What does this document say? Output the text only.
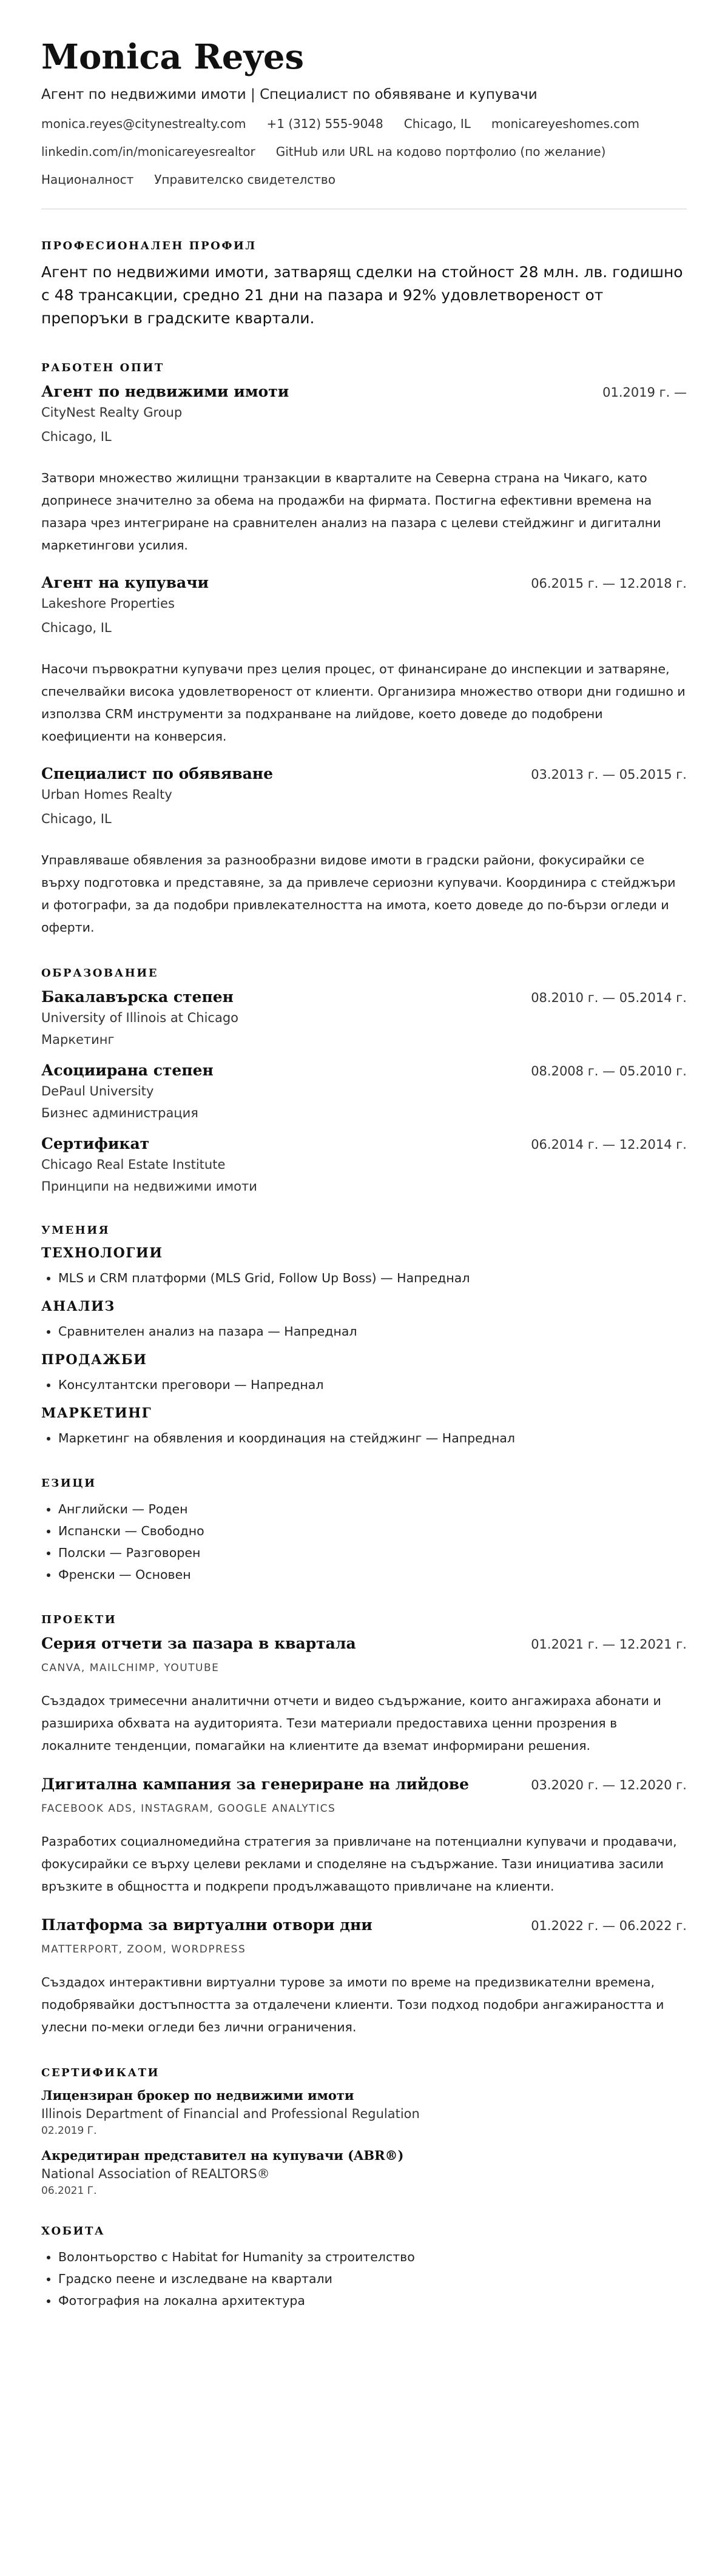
Monica Reyes
Агент по недвижими имоти | Специалист по обявяване и купувачи
monica.reyes@citynestrealty.com +1 (312) 555-9048 Chicago, IL monicareyeshomes.com
linkedin.com/in/monicareyesrealtor GitHub или URL на кодово портфолио (по желание)
Националност Управителско свидетелство
ПРОФЕСИОНАЛЕН ПРОФИЛ

Агент по недвижими имоти, затварящ сделки на стойност 28 млн. лв. годишно с 48 трансакции, средно 21 дни на пазара и 92% удовлетвореност от препоръки в градските квартали.

РАБОТЕН ОПИТ
Агент по недвижими имоти	01.2019 г. —
CityNest Realty Group
Chicago, IL
Затвори множество жилищни транзакции в кварталите на Северна страна на Чикаго, като допринесе значително за обема на продажби на фирмата. Постигна ефективни времена на пазара чрез интегриране на сравнителен анализ на пазара с целеви стейджинг и дигитални маркетингови усилия.
Агент на купувачи	06.2015 г. — 12.2018 г.
Lakeshore Properties
Chicago, IL
Насочи първократни купувачи през целия процес, от финансиране до инспекции и затваряне, спечелвайки висока удовлетвореност от клиенти. Организира множество отвори дни годишно и използва CRM инструменти за подхранване на лийдове, което доведе до подобрени коефициенти на конверсия.
Специалист по обявяване	03.2013 г. — 05.2015 г.
Urban Homes Realty
Chicago, IL
Управляваше обявления за разнообразни видове имоти в градски райони, фокусирайки се върху подготовка и представяне, за да привлече сериозни купувачи. Координира с стейджъри и фотографи, за да подобри привлекателността на имота, което доведе до по-бързи огледи и оферти.
ОБРАЗОВАНИЕ
Бакалавърска степен	08.2010 г. — 05.2014 г.
University of Illinois at Chicago
Маркетинг
Асоциирана степен	08.2008 г. — 05.2010 г.
DePaul University
Бизнес администрация
Сертификат	06.2014 г. — 12.2014 г.
Chicago Real Estate Institute
Принципи на недвижими имоти
УМЕНИЯ
ТЕХНОЛОГИИ
• MLS и CRM платформи (MLS Grid, Follow Up Boss) — Напреднал
АНАЛИЗ
• Сравнителен анализ на пазара — Напреднал
ПРОДАЖБИ
• Консултантски преговори — Напреднал
МАРКЕТИНГ
• Маркетинг на обявления и координация на стейджинг — Напреднал
ЕЗИЦИ
• Английски — Роден
• Испански — Свободно
• Полски — Разговорен
• Френски — Основен
ПРОЕКТИ
Серия отчети за пазара в квартала	01.2021 г. — 12.2021 г.
CANVA, MAILCHIMP, YOUTUBE
Създадох тримесечни аналитични отчети и видео съдържание, които ангажираха абонати и разшириха обхвата на аудиторията. Тези материали предоставиха ценни прозрения в локалните тенденции, помагайки на клиентите да вземат информирани решения.
Дигитална кампания за генериране на лийдове	03.2020 г. — 12.2020 г.
FACEBOOK ADS, INSTAGRAM, GOOGLE ANALYTICS
Разработих социалномедийна стратегия за привличане на потенциални купувачи и продавачи, фокусирайки се върху целеви реклами и споделяне на съдържание. Тази инициатива засили връзките в общността и подкрепи продължаващото привличане на клиенти.
Платформа за виртуални отвори дни	01.2022 г. — 06.2022 г.
MATTERPORT, ZOOM, WORDPRESS
Създадох интерактивни виртуални турове за имоти по време на предизвикателни времена, подобрявайки достъпността за отдалечени клиенти. Този подход подобри ангажираността и улесни по-меки огледи без лични ограничения.
СЕРТИФИКАТИ
Лицензиран брокер по недвижими имоти
Illinois Department of Financial and Professional Regulation
02.2019 Г.
Акредитиран представител на купувачи (ABR®)
National Association of REALTORS®
06.2021 Г.
ХОБИТА
• Волонтьорство с Habitat for Humanity за строителство
• Градско пеене и изследване на квартали
• Фотография на локална архитектура
